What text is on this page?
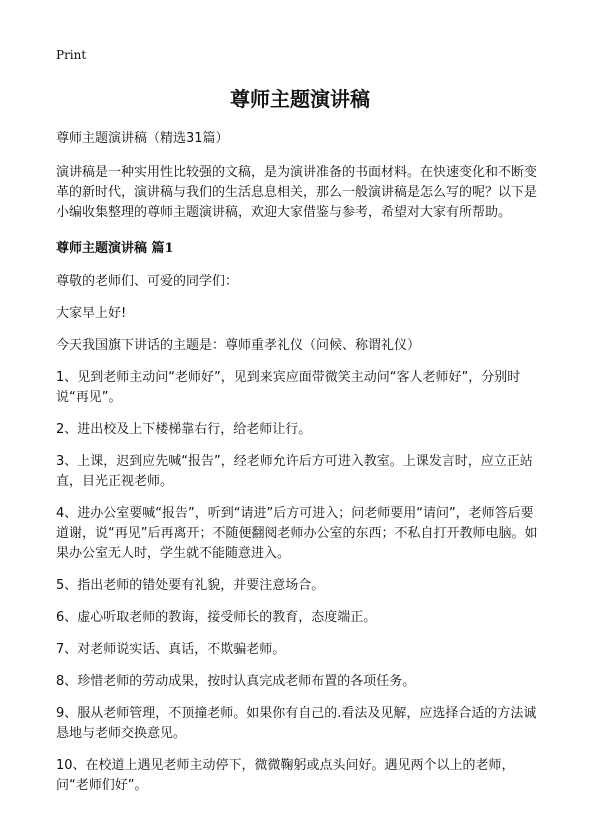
Print

尊师主题演讲稿

尊师主题演讲稿（精选31篇）

演讲稿是一种实用性比较强的文稿，是为演讲准备的书面材料。在快速变化和不断变革的新时代，演讲稿与我们的生活息息相关，那么一般演讲稿是怎么写的呢？以下是小编收集整理的尊师主题演讲稿，欢迎大家借鉴与参考，希望对大家有所帮助。

尊师主题演讲稿 篇1

尊敬的老师们、可爱的同学们：

大家早上好!

今天我国旗下讲话的主题是：尊师重孝礼仪（问候、称谓礼仪）

1、见到老师主动问“老师好”，见到来宾应面带微笑主动问“客人老师好”，分别时说“再见”。

2、进出校及上下楼梯靠右行，给老师让行。

3、上课，迟到应先喊“报告”，经老师允许后方可进入教室。上课发言时，应立正站直，目光正视老师。

4、进办公室要喊“报告”，听到“请进”后方可进入；问老师要用“请问”，老师答后要道谢，说“再见”后再离开；不随便翻阅老师办公室的东西；不私自打开教师电脑。如果办公室无人时，学生就不能随意进入。

5、指出老师的错处要有礼貌，并要注意场合。

6、虚心听取老师的教诲，接受师长的教育，态度端正。

7、对老师说实话、真话，不欺骗老师。

8、珍惜老师的劳动成果，按时认真完成老师布置的各项任务。

9、服从老师管理，不顶撞老师。如果你有自己的.看法及见解，应选择合适的方法诚恳地与老师交换意见。

10、在校道上遇见老师主动停下，微微鞠躬或点头问好。遇见两个以上的老师，问“老师们好”。
